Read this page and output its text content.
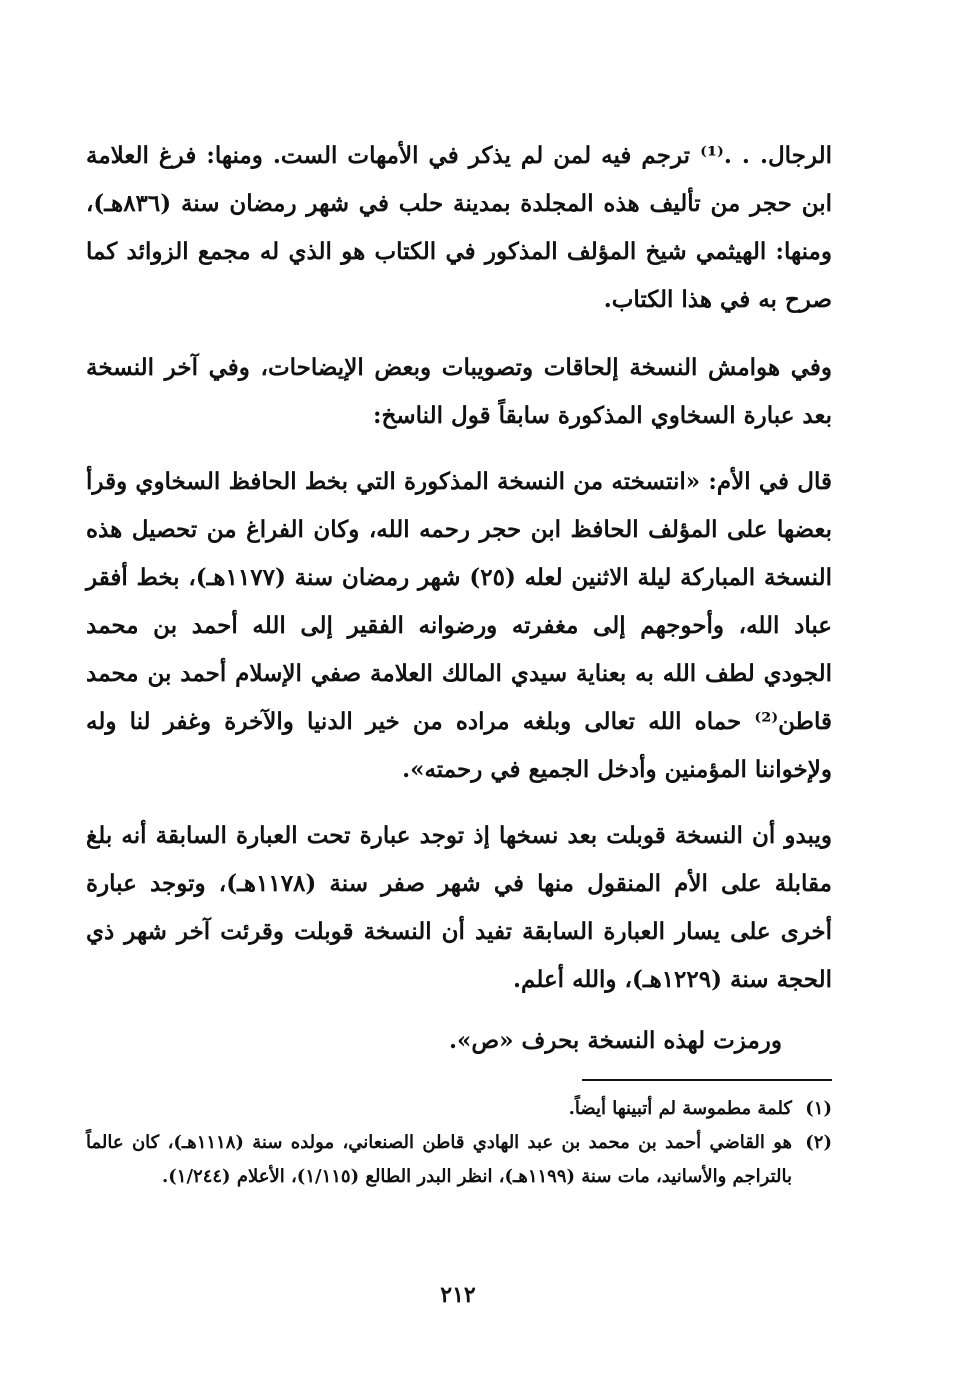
الرجال. . .⁽¹⁾ ترجم فيه لمن لم يذكر في الأمهات الست. ومنها: فرغ العلامة ابن حجر من تأليف هذه المجلدة بمدينة حلب في شهر رمضان سنة (٨٣٦هـ)، ومنها: الهيثمي شيخ المؤلف المذكور في الكتاب هو الذي له مجمع الزوائد كما صرح به في هذا الكتاب.

وفي هوامش النسخة إلحاقات وتصويبات وبعض الإيضاحات، وفي آخر النسخة بعد عبارة السخاوي المذكورة سابقاً قول الناسخ:

قال في الأم: «انتسخته من النسخة المذكورة التي بخط الحافظ السخاوي وقرأ بعضها على المؤلف الحافظ ابن حجر رحمه الله، وكان الفراغ من تحصيل هذه النسخة المباركة ليلة الاثنين لعله (٢٥) شهر رمضان سنة (١١٧٧هـ)، بخط أفقر عباد الله، وأحوجهم إلى مغفرته ورضوانه الفقير إلى الله أحمد بن محمد الجودي لطف الله به بعناية سيدي المالك العلامة صفي الإسلام أحمد بن محمد قاطن⁽²⁾ حماه الله تعالى وبلغه مراده من خير الدنيا والآخرة وغفر لنا وله ولإخواننا المؤمنين وأدخل الجميع في رحمته».

ويبدو أن النسخة قوبلت بعد نسخها إذ توجد عبارة تحت العبارة السابقة أنه بلغ مقابلة على الأم المنقول منها في شهر صفر سنة (١١٧٨هـ)، وتوجد عبارة أخرى على يسار العبارة السابقة تفيد أن النسخة قوبلت وقرئت آخر شهر ذي الحجة سنة (١٢٢٩هـ)، والله أعلم.

ورمزت لهذه النسخة بحرف «ص».

(١)
كلمة مطموسة لم أتبينها أيضاً.
(٢)
هو القاضي أحمد بن محمد بن عبد الهادي قاطن الصنعاني، مولده سنة (١١١٨هـ)، كان عالماً بالتراجم والأسانيد، مات سنة (١١٩٩هـ)، انظر البدر الطالع (١/١١٥)، الأعلام (١/٢٤٤).
٢١٢
